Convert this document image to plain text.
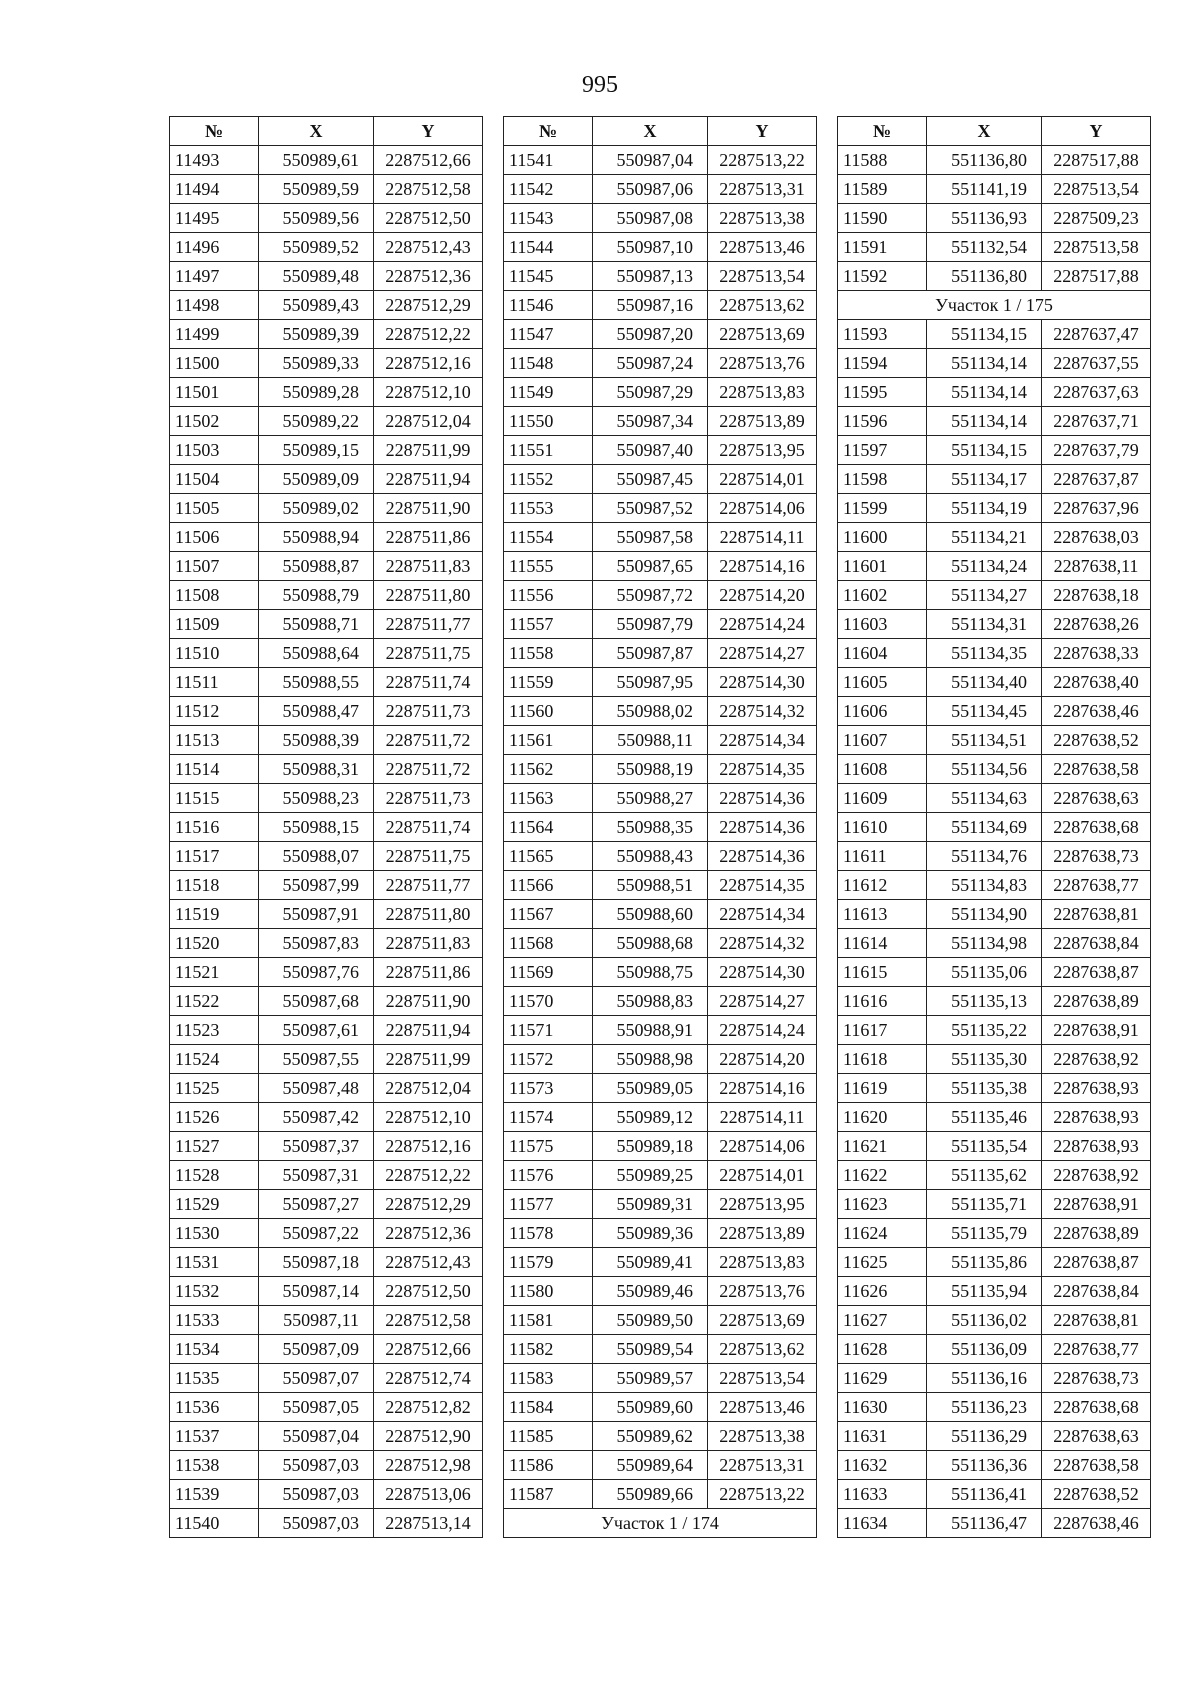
995
№	X	Y
11493	550989,61	2287512,66
11494	550989,59	2287512,58
11495	550989,56	2287512,50
11496	550989,52	2287512,43
11497	550989,48	2287512,36
11498	550989,43	2287512,29
11499	550989,39	2287512,22
11500	550989,33	2287512,16
11501	550989,28	2287512,10
11502	550989,22	2287512,04
11503	550989,15	2287511,99
11504	550989,09	2287511,94
11505	550989,02	2287511,90
11506	550988,94	2287511,86
11507	550988,87	2287511,83
11508	550988,79	2287511,80
11509	550988,71	2287511,77
11510	550988,64	2287511,75
11511	550988,55	2287511,74
11512	550988,47	2287511,73
11513	550988,39	2287511,72
11514	550988,31	2287511,72
11515	550988,23	2287511,73
11516	550988,15	2287511,74
11517	550988,07	2287511,75
11518	550987,99	2287511,77
11519	550987,91	2287511,80
11520	550987,83	2287511,83
11521	550987,76	2287511,86
11522	550987,68	2287511,90
11523	550987,61	2287511,94
11524	550987,55	2287511,99
11525	550987,48	2287512,04
11526	550987,42	2287512,10
11527	550987,37	2287512,16
11528	550987,31	2287512,22
11529	550987,27	2287512,29
11530	550987,22	2287512,36
11531	550987,18	2287512,43
11532	550987,14	2287512,50
11533	550987,11	2287512,58
11534	550987,09	2287512,66
11535	550987,07	2287512,74
11536	550987,05	2287512,82
11537	550987,04	2287512,90
11538	550987,03	2287512,98
11539	550987,03	2287513,06
11540	550987,03	2287513,14
№	X	Y
11541	550987,04	2287513,22
11542	550987,06	2287513,31
11543	550987,08	2287513,38
11544	550987,10	2287513,46
11545	550987,13	2287513,54
11546	550987,16	2287513,62
11547	550987,20	2287513,69
11548	550987,24	2287513,76
11549	550987,29	2287513,83
11550	550987,34	2287513,89
11551	550987,40	2287513,95
11552	550987,45	2287514,01
11553	550987,52	2287514,06
11554	550987,58	2287514,11
11555	550987,65	2287514,16
11556	550987,72	2287514,20
11557	550987,79	2287514,24
11558	550987,87	2287514,27
11559	550987,95	2287514,30
11560	550988,02	2287514,32
11561	550988,11	2287514,34
11562	550988,19	2287514,35
11563	550988,27	2287514,36
11564	550988,35	2287514,36
11565	550988,43	2287514,36
11566	550988,51	2287514,35
11567	550988,60	2287514,34
11568	550988,68	2287514,32
11569	550988,75	2287514,30
11570	550988,83	2287514,27
11571	550988,91	2287514,24
11572	550988,98	2287514,20
11573	550989,05	2287514,16
11574	550989,12	2287514,11
11575	550989,18	2287514,06
11576	550989,25	2287514,01
11577	550989,31	2287513,95
11578	550989,36	2287513,89
11579	550989,41	2287513,83
11580	550989,46	2287513,76
11581	550989,50	2287513,69
11582	550989,54	2287513,62
11583	550989,57	2287513,54
11584	550989,60	2287513,46
11585	550989,62	2287513,38
11586	550989,64	2287513,31
11587	550989,66	2287513,22
Участок 1 / 174		
№	X	Y
11588	551136,80	2287517,88
11589	551141,19	2287513,54
11590	551136,93	2287509,23
11591	551132,54	2287513,58
11592	551136,80	2287517,88
Участок 1 / 175		
11593	551134,15	2287637,47
11594	551134,14	2287637,55
11595	551134,14	2287637,63
11596	551134,14	2287637,71
11597	551134,15	2287637,79
11598	551134,17	2287637,87
11599	551134,19	2287637,96
11600	551134,21	2287638,03
11601	551134,24	2287638,11
11602	551134,27	2287638,18
11603	551134,31	2287638,26
11604	551134,35	2287638,33
11605	551134,40	2287638,40
11606	551134,45	2287638,46
11607	551134,51	2287638,52
11608	551134,56	2287638,58
11609	551134,63	2287638,63
11610	551134,69	2287638,68
11611	551134,76	2287638,73
11612	551134,83	2287638,77
11613	551134,90	2287638,81
11614	551134,98	2287638,84
11615	551135,06	2287638,87
11616	551135,13	2287638,89
11617	551135,22	2287638,91
11618	551135,30	2287638,92
11619	551135,38	2287638,93
11620	551135,46	2287638,93
11621	551135,54	2287638,93
11622	551135,62	2287638,92
11623	551135,71	2287638,91
11624	551135,79	2287638,89
11625	551135,86	2287638,87
11626	551135,94	2287638,84
11627	551136,02	2287638,81
11628	551136,09	2287638,77
11629	551136,16	2287638,73
11630	551136,23	2287638,68
11631	551136,29	2287638,63
11632	551136,36	2287638,58
11633	551136,41	2287638,52
11634	551136,47	2287638,46
